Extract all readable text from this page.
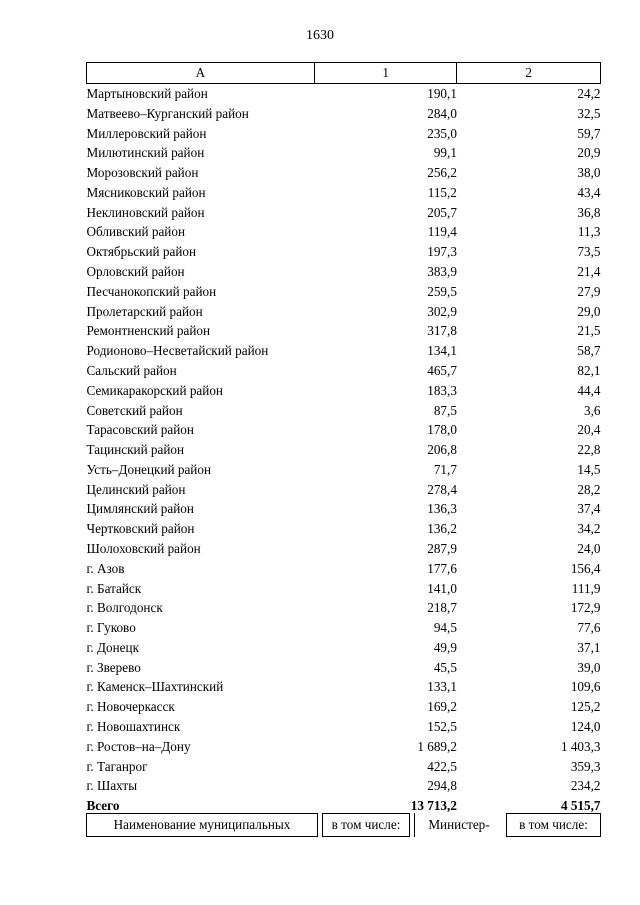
1630
А	1	2
Мартыновский район	190,1	24,2
Матвеево–Курганский район	284,0	32,5
Миллеровский район	235,0	59,7
Милютинский район	99,1	20,9
Морозовский район	256,2	38,0
Мясниковский район	115,2	43,4
Неклиновский район	205,7	36,8
Обливский район	119,4	11,3
Октябрьский район	197,3	73,5
Орловский район	383,9	21,4
Песчанокопский район	259,5	27,9
Пролетарский район	302,9	29,0
Ремонтненский район	317,8	21,5
Родионово–Несветайский район	134,1	58,7
Сальский район	465,7	82,1
Семикаракорский район	183,3	44,4
Советский район	87,5	3,6
Тарасовский район	178,0	20,4
Тацинский район	206,8	22,8
Усть–Донецкий район	71,7	14,5
Целинский район	278,4	28,2
Цимлянский район	136,3	37,4
Чертковский район	136,2	34,2
Шолоховский район	287,9	24,0
г. Азов	177,6	156,4
г. Батайск	141,0	111,9
г. Волгодонск	218,7	172,9
г. Гуково	94,5	77,6
г. Донецк	49,9	37,1
г. Зверево	45,5	39,0
г. Каменск–Шахтинский	133,1	109,6
г. Новочеркасск	169,2	125,2
г. Новошахтинск	152,5	124,0
г. Ростов–на–Дону	1 689,2	1 403,3
г. Таганрог	422,5	359,3
г. Шахты	294,8	234,2
Всего	13 713,2	4 515,7
Наименование муниципальных	в том числе:	Министер-	в том числе:
